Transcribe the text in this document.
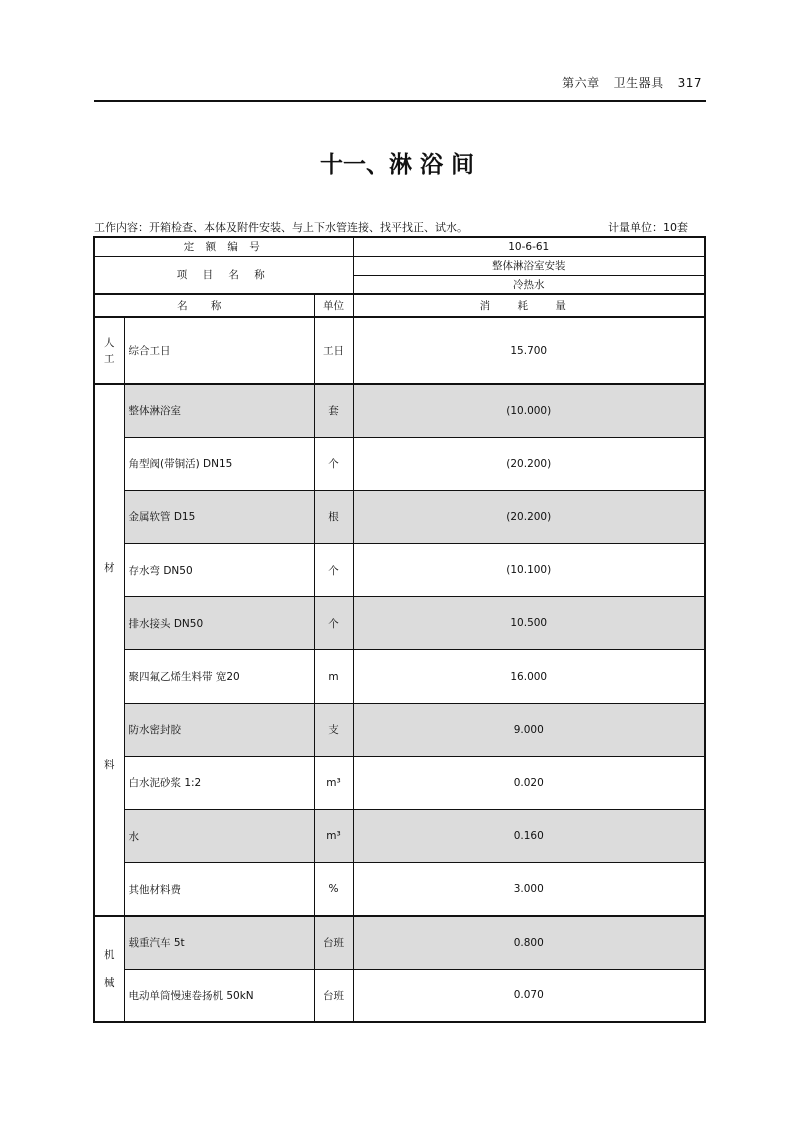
第六章 卫生器具 317
十一、淋 浴 间
工作内容：开箱检查、本体及附件安装、与上下水管连接、找平找正、试水。	计量单位：10套
定 额 编 号			10-6-61
项 目 名 称			整体淋浴室安装
			冷热水
名 称		单位	消 耗 量
人
工	综合工日	工日	15.700

材
料	整体淋浴室	套	(10.000)
	角型阀(带铜活) DN15	个	(20.200)
	金属软管 D15	根	(20.200)
	存水弯 DN50	个	(10.100)
	排水接头 DN50	个	10.500
	聚四氟乙烯生料带 宽20	m	16.000
	防水密封胶	支	9.000
	白水泥砂浆 1:2	m³	0.020
	水	m³	0.160
	其他材料费	%	3.000
机
械	载重汽车 5t	台班	0.800
	电动单筒慢速卷扬机 50kN	台班	0.070
